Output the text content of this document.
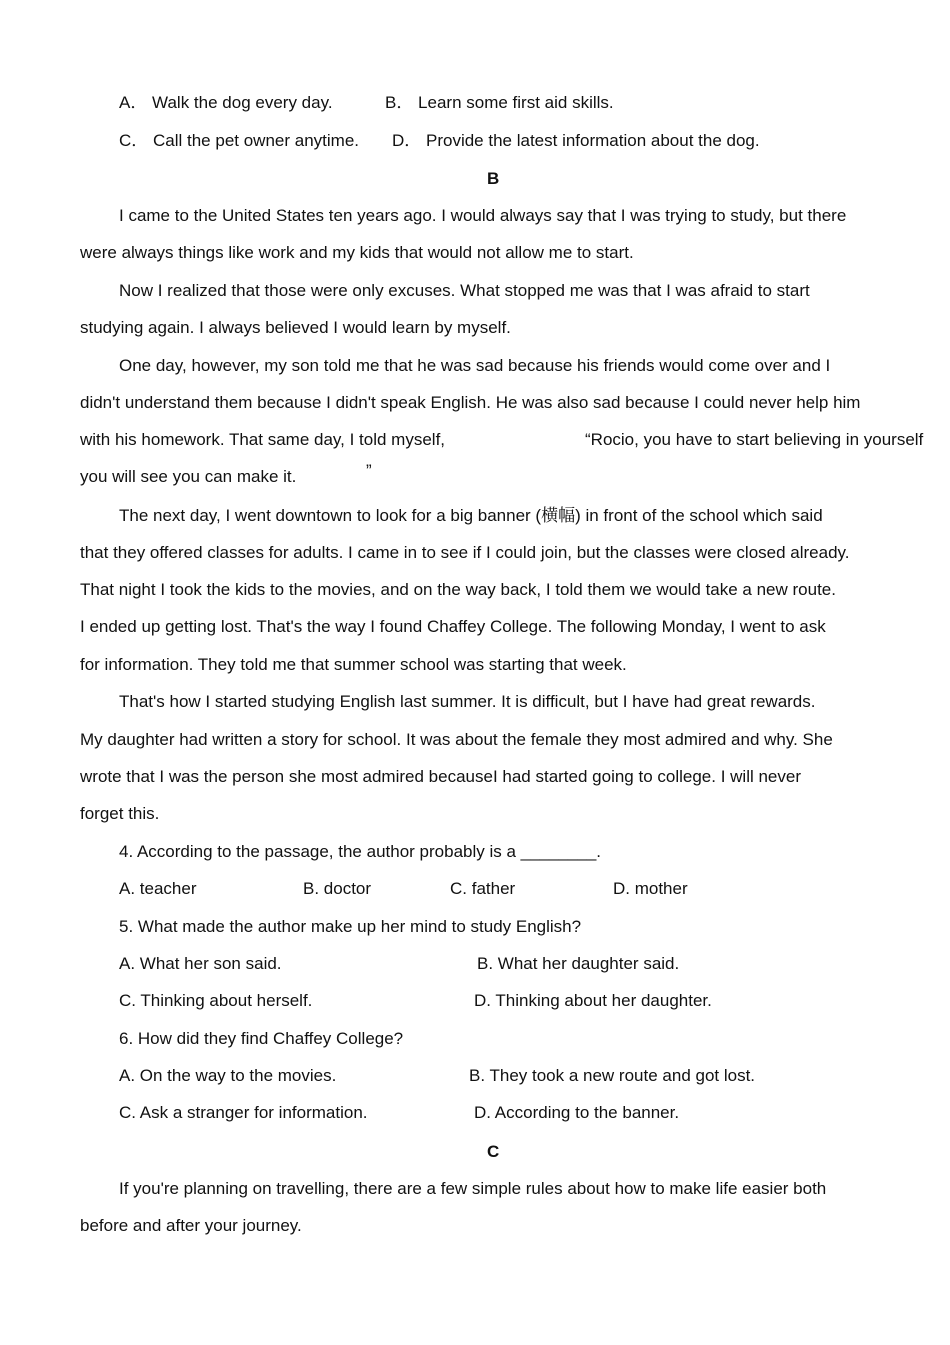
A． Walk the dog every day.	B． Learn some first aid skills.
C． Call the pet owner anytime. D． Provide the latest information about the dog.
B
I came to the United States ten years ago. I would always say that I was trying to study, but there
were always things like work and my kids that would not allow me to start.
Now I realized that those were only excuses. What stopped me was that I was afraid to start
studying again. I always believed I would learn by myself.
One day, however, my son told me that he was sad because his friends would come over and I
didn't understand them because I didn't speak English. He was also sad because I could never help him
with his homework. That same day, I told myself,	“Rocio, you have to start believing in yourself
you will see you can make it.	”
The next day, I went downtown to look for a big banner (横幅) in front of the school which said
that they offered classes for adults. I came in to see if I could join, but the classes were closed already.
That night I took the kids to the movies, and on the way back, I told them we would take a new route.
I ended up getting lost. That's the way I found Chaffey College. The following Monday, I went to ask
for information. They told me that summer school was starting that week.
That's how I started studying English last summer. It is difficult, but I have had great rewards.
My daughter had written a story for school. It was about the female they most admired and why. She
wrote that I was the person she most admired becauseI had started going to college. I will never
forget this.
4. According to the passage, the author probably is a ________.
A. teacher	B. doctor	C. father	D. mother
5. What made the author make up her mind to study English?
A. What her son said.	B. What her daughter said.
C. Thinking about herself.	D. Thinking about her daughter.
6. How did they find Chaffey College?
A. On the way to the movies.	B. They took a new route and got lost.
C. Ask a stranger for information.	D. According to the banner.
C
If you're planning on travelling, there are a few simple rules about how to make life easier both
before and after your journey.
